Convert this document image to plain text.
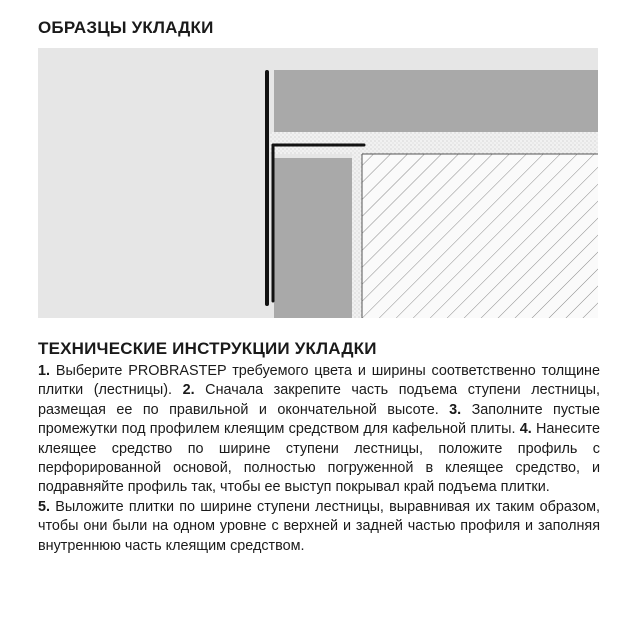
ОБРАЗЦЫ УКЛАДКИ
ТЕХНИЧЕСКИЕ ИНСТРУКЦИИ УКЛАДКИ

1. Выберите PROBRASTEP требуемого цвета и ширины соответственно толщине плитки (лестницы). 2. Сначала закрепите часть подъема ступени лестницы, размещая ее по правильной и окончательной высоте. 3. Заполните пустые промежутки под профилем клеящим средством для кафельной плиты. 4. Нанесите клеящее средство по ширине ступени лестницы, положите профиль с перфорированной основой, полностью погруженной в клеящее средство, и подравняйте профиль так, чтобы ее выступ покрывал край подъема плитки.

5. Выложите плитки по ширине ступени лестницы, выравнивая их таким образом, чтобы они были на одном уровне с верхней и задней частью профиля и заполняя внутреннюю часть клеящим средством.
